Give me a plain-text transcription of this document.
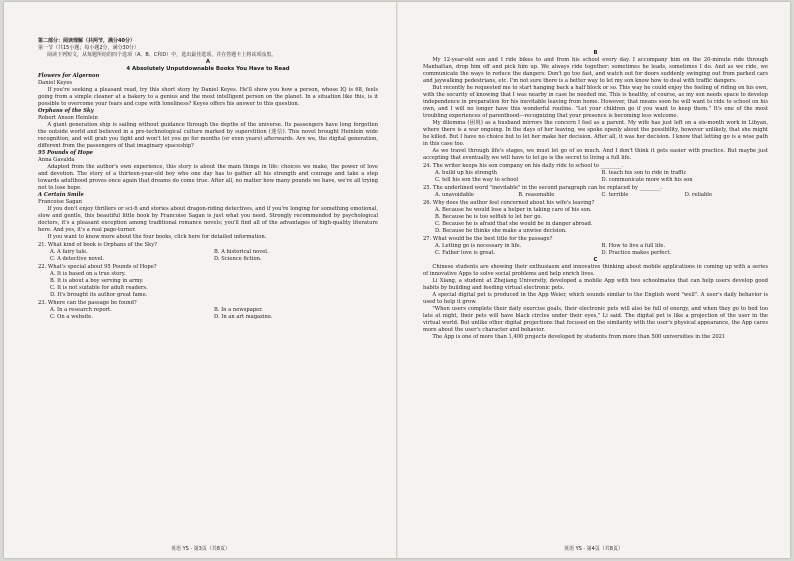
第二部分：阅读理解（共两节，满分40分）

第一节（共15小题；每小题2分，满分30分）

阅读下列短文，从每题所给的四个选项（A、B、C和D）中，选出最佳选项，并在答题卡上将该项涂黑。

A

4 Absolutely Unputdownable Books You Have to Read

Flowers for Algernon

Daniel Keyes

If you're seeking a pleasant read, try this short story by Daniel Keyes. He'll show you how a person, whose IQ is 68, feels going from a simple cleaner at a bakery to a genius and the most intelligent person on the planet. In a situation like this, is it possible to overcome your fears and cope with loneliness? Keyes offers his answer to this question.

Orphans of the Sky

Robert Anson Heinlein

A giant generation ship is sailing without guidance through the depths of the universe. Its passengers have long forgotten the outside world and believed in a pre-technological culture marked by superstition (迷信). This novel brought Heinlein wide recognition, and will grab you tight and won't let you go for months (or even years) afterwards. Are we, the digital generation, different from the passengers of that imaginary spaceship?

95 Pounds of Hope

Anna Gavalda

Adapted from the author's own experience, this story is about the main things in life: choices we make, the power of love and devotion. The story of a thirteen-year-old boy who one day has to gather all his strength and courage and take a step towards adulthood proves once again that dreams do come true. After all, no matter how many pounds we have, we're all trying not to lose hope.

A Certain Smile

Francoise Sagan

If you don't enjoy thrillers or sci-fi and stories about dragon-riding detectives, and if you're longing for something emotional, slow and gentle, this beautiful little book by Francoise Sagan is just what you need. Strongly recommended by psychological doctors, it's a pleasant exception among traditional romance novels; you'll find all of the advantages of high-quality literature here. And yes, it's a real page-turner.

If you want to know more about the four books, click here for detailed information.

21. What kind of book is Orphans of the Sky?

A. A fairy tale.	B. A historical novel.
C. A detective novel.	D. Science fiction.

22. What's special about 95 Pounds of Hope?

A. It is based on a true story.

B. It is about a boy serving in army.

C. It is not suitable for adult readers.

D. It's brought its author great fame.

23. Where can the passage be found?

A. In a research report.	B. In a newspaper.
C. On a website.	D. In an art magazine.
英语 YS · 第3页（共8页）

B

My 12-year-old son and I ride bikes to and from his school every day. I accompany him on the 20-minute ride through Manhattan, drop him off and pick him up. We always ride together; sometimes he leads, sometimes I do. And as we ride, we communicate the ways to reduce the dangers: Don't go too fast, and watch out for doors suddenly swinging out from parked cars and jaywalking pedestrians, etc. I'm not sure there is a better way to let my son know how to deal with traffic dangers.

But recently he requested me to start hanging back a half block or so. This way he could enjoy the feeling of riding on his own, with the security of knowing that I was nearby in case he needed me. This is healthy, of course, as my son needs space to develop independence in preparation for his inevitable leaving from home. However, that means soon he will want to ride to school on his own, and I will no longer have this wonderful routine. "Let your children go if you want to keep them." It's one of the most troubling experiences of parenthood—recognizing that your presence is becoming less welcome.

My dilemma (困境) as a husband mirrors the concern I feel as a parent. My wife has just left on a six-month work in Libyan, where there is a war ongoing. In the days of her leaving, we spoke openly about the possibility, however unlikely, that she might be killed. But I have no choice but to let her make her decision. After all, it was her decision. I know that letting go is a wise path in this case too.

As we travel through life's stages, we must let go of so much. And I don't think it gets easier with practice. But maybe just accepting that eventually we will have to let go is the secret to living a full life.

24. The writer keeps his son company on his daily ride to school to ________.

A. build up his strength	B. teach his son to ride in traffic
C. tell his son the way to school	D. communicate more with his son

25. The underlined word "inevitable" in the second paragraph can be replaced by ________.

A. unavoidable	B. reasonable	C. terrible	D. reliable

26. Why does the author feel concerned about his wife's leaving?

A. Because he would lose a helper in taking care of his son.

B. Because he is too selfish to let her go.

C. Because he is afraid that she would be in danger abroad.

D. Because he thinks she make a unwise decision.

27. What would be the best title for the passage?

A. Letting go is necessary in life.	B. How to live a full life.
C. Father love is great.	D. Practice makes perfect.

C

Chinese students are showing their enthusiasm and innovative thinking about mobile applications in coming up with a series of innovative Apps to solve social problems and help enrich lives.

Li Xiang, a student at Zhejiang University, developed a mobile App with two schoolmates that can help users develop good habits by building and feeding virtual electronic pets.

A special digital pet is produced in the App Weier, which sounds similar to the English word "well". A user's daily behavior is used to help it grow.

"When users complete their daily exercise goals, their electronic pets will also be full of energy, and when they go to bed too late at night, their pets will have black circles under their eyes," Li said. The digital pet is like a projection of the user in the virtual world. But unlike other digital projections that focused on the similarity with the user's physical appearance, the App cares more about the user's character and behavior.

The App is one of more than 1,400 projects developed by students from more than 500 universities in the 2021

英语 YS · 第4页（共8页）
